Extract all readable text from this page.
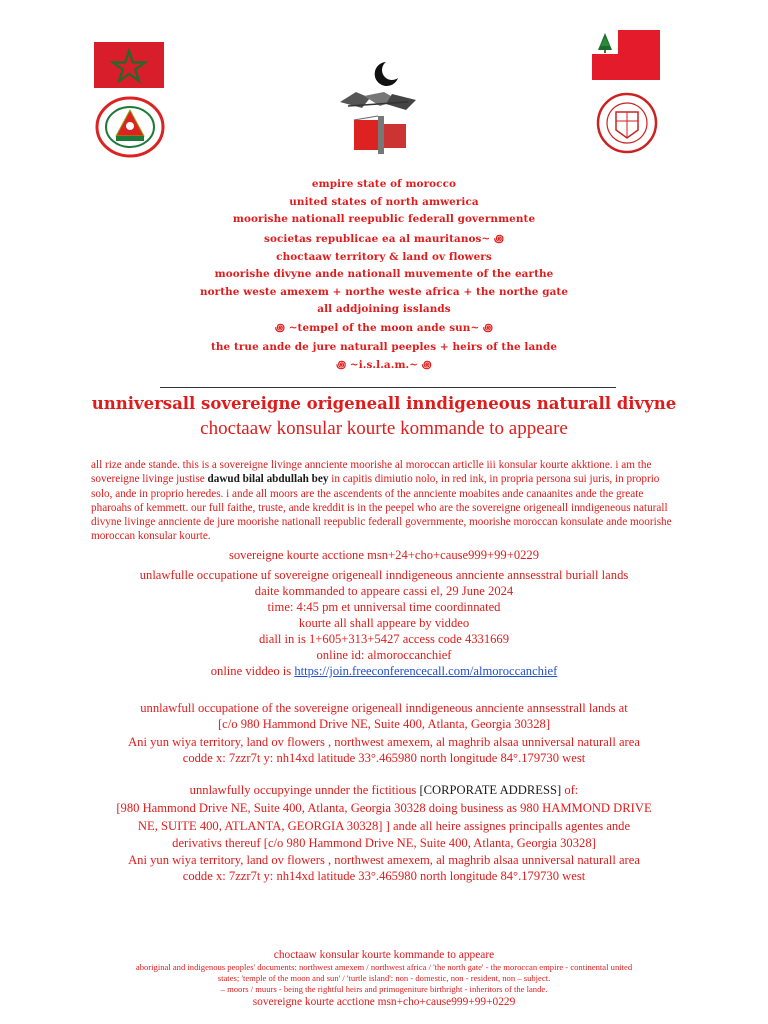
empire state of morocco
united states of north amwerica
moorishe nationall reepublic federall governmente
societas republicae ea al mauritanos~ ꩜
choctaaw territory & land ov flowers
moorishe divyne ande nationall muvemente of the earthe
northe weste amexem + northe weste africa + the northe gate
all addjoining isslands
꩜ ~tempel of the moon ande sun~ ꩜
the true ande de jure naturall peeples + heirs of the lande
꩜ ~i.s.l.a.m.~ ꩜
unniversall sovereigne origeneall inndigeneous naturall divyne
choctaaw konsular kourte kommande to appeare
all rize ande stande. this is a sovereigne livinge annciente moorishe al moroccan articlle iii konsular kourte akktione. i am the sovereigne livinge justise dawud bilal abdullah bey in capitis dimiutio nolo, in red ink, in propria persona sui juris, in proprio solo, ande in proprio heredes. i ande all moors are the ascendents of the annciente moabites ande canaanites ande the greate pharoahs of kemmett. our full faithe, truste, ande kreddit is in the peepel who are the sovereigne origeneall inndigeneous naturall divyne livinge annciente de jure moorishe nationall reepublic federall governmente, moorishe moroccan konsulate ande moorishe moroccan konsular kourte.
sovereigne kourte acctione msn+24+cho+cause999+99+0229
unlawfulle occupatione uf sovereigne origeneall inndigeneous annciente annsesstral buriall lands
daite kommanded to appeare cassi el, 29 June 2024
time: 4:45 pm et unniversal time coordinnated
kourte all shall appeare by viddeo
diall in is 1+605+313+5427 access code 4331669
online id: almoroccanchief
online viddeo is https://join.freeconferencecall.com/almoroccanchief
unnlawfull occupatione of the sovereigne origeneall inndigeneous annciente annsesstrall lands at
[c/o 980 Hammond Drive NE, Suite 400, Atlanta, Georgia 30328]
Ani yun wiya territory, land ov flowers , northwest amexem, al maghrib alsaa unniversal naturall area
codde x: 7zzr7t y: nh14xd latitude 33°.465980 north longitude 84°.179730 west
unnlawfully occupyinge unnder the fictitious [CORPORATE ADDRESS] of:
[980 Hammond Drive NE, Suite 400, Atlanta, Georgia 30328 doing business as 980 HAMMOND DRIVE
NE, SUITE 400, ATLANTA, GEORGIA 30328] ] ande all heire assignes principalls agentes ande
derivativs thereuf [c/o 980 Hammond Drive NE, Suite 400, Atlanta, Georgia 30328]
Ani yun wiya territory, land ov flowers , northwest amexem, al maghrib alsaa unniversal naturall area
codde x: 7zzr7t y: nh14xd latitude 33°.465980 north longitude 84°.179730 west
choctaaw konsular kourte kommande to appeare
aboriginal and indigenous peoples' documents: northwest amexem / northwest africa / 'the north gate' - the moroccan empire - continental united
states; 'temple of the moon and sun' / 'turtle island': non - domestic, non - resident, non – subject.
– moors / muurs - being the rightful heirs and primogeniture birthright - inheritors of the lande.
sovereigne kourte acctione msn+cho+cause999+99+0229
